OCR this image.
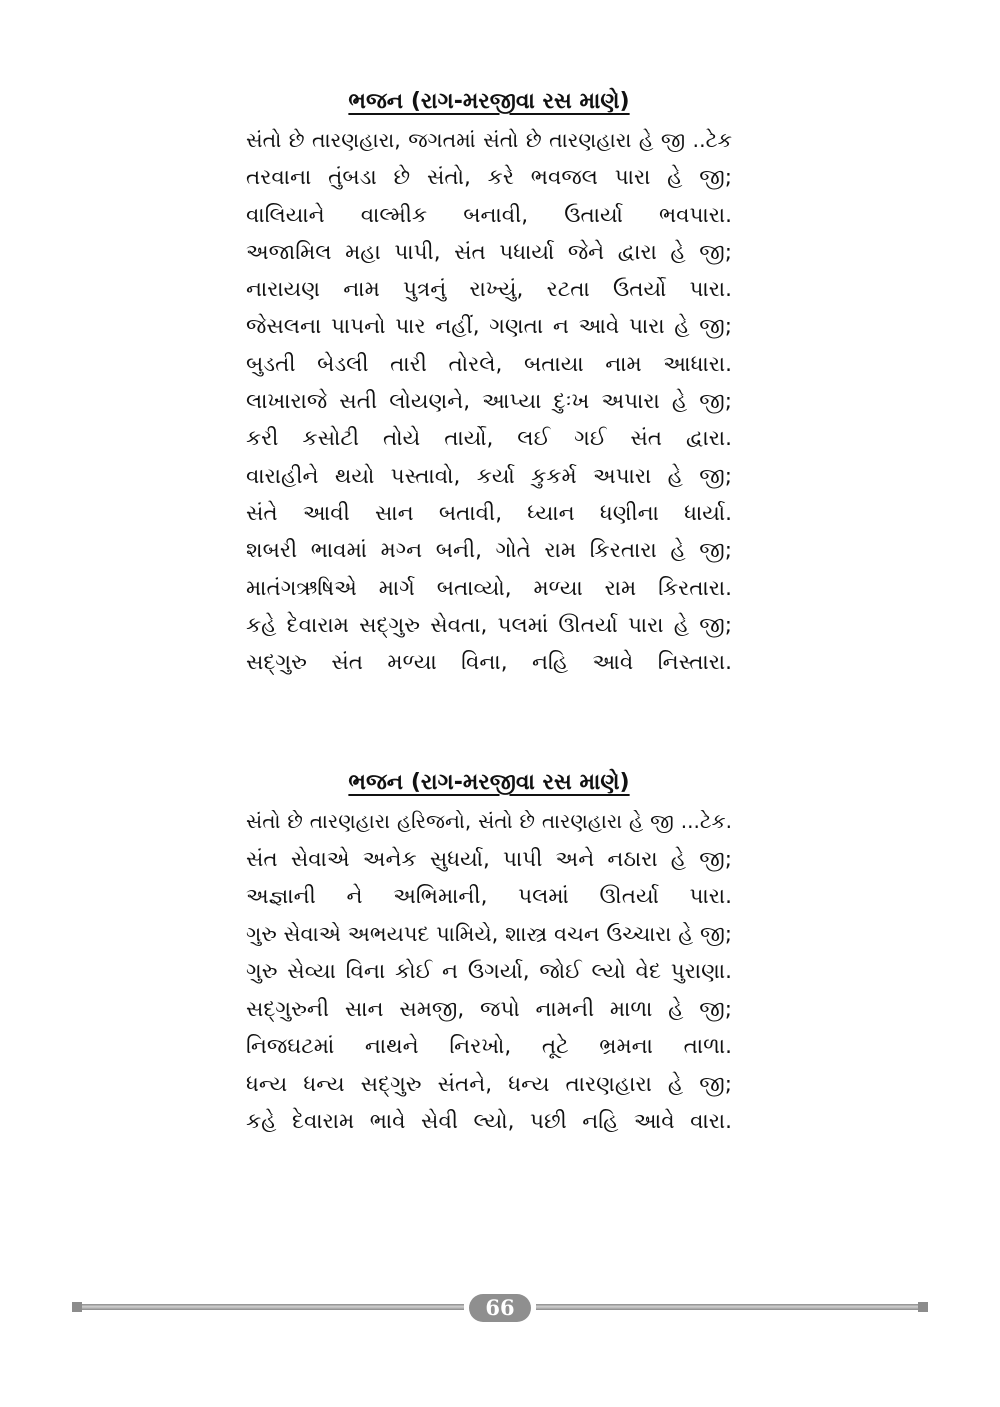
ભજન (રાગ-મરજીવા રસ માણે)
સંતો છે તારણહારા, જગતમાં સંતો છે તારણહારા હે જી ..ટેક
તરવાના તુંબડા છે સંતો, કરે ભવજલ પારા હે જી;
વાલિયાને વાલ્મીક બનાવી, ઉતાર્યા ભવપારા.
અજામિલ મહા પાપી, સંત પધાર્યા જેને દ્વારા હે જી;
નારાયણ નામ પુત્રનું રાખ્યું, રટતા ઉતર્યો પારા.
જેસલના પાપનો પાર નહીં, ગણતા ન આવે પારા હે જી;
બુડતી બેડલી તારી તોરલે, બતાયા નામ આધારા.
લાખારાજે સતી લોયણને, આપ્યા દુઃખ અપારા હે જી;
કરી કસોટી તોયે તાર્યો, લઈ ગઈ સંત દ્વારા.
વારાહીને થયો પસ્તાવો, કર્યા કુકર્મ અપારા હે જી;
સંતે આવી સાન બતાવી, ધ્યાન ધણીના ધાર્યા.
શબરી ભાવમાં મગ્ન બની, ગોતે રામ કિરતારા હે જી;
માતંગઋષિએ માર્ગ બતાવ્યો, મળ્યા રામ કિરતારા.
કહે દેવારામ સદ્ગુરુ સેવતા, પલમાં ઊતર્યા પારા હે જી;
સદ્ગુરુ સંત મળ્યા વિના, નહિ આવે નિસ્તારા.
ભજન (રાગ-મરજીવા રસ માણે)
સંતો છે તારણહારા હરિજનો, સંતો છે તારણહારા હે જી ...ટેક.
સંત સેવાએ અનેક સુધર્યા, પાપી અને નઠારા હે જી;
અજ્ઞાની ને અભિમાની, પલમાં ઊતર્યા પારા.
ગુરુ સેવાએ અભયપદ પામિયે, શાસ્ત્ર વચન ઉચ્ચારા હે જી;
ગુરુ સેવ્યા વિના કોઈ ન ઉગર્યા, જોઈ લ્યો વેદ પુરાણા.
સદ્ગુરુની સાન સમજી, જપો નામની માળા હે જી;
નિજઘટમાં નાથને નિરખો, તૂટે ભ્રમના તાળા.
ધન્ય ધન્ય સદ્ગુરુ સંતને, ધન્ય તારણહારા હે જી;
કહે દેવારામ ભાવે સેવી લ્યો, પછી નહિ આવે વારા.
66
